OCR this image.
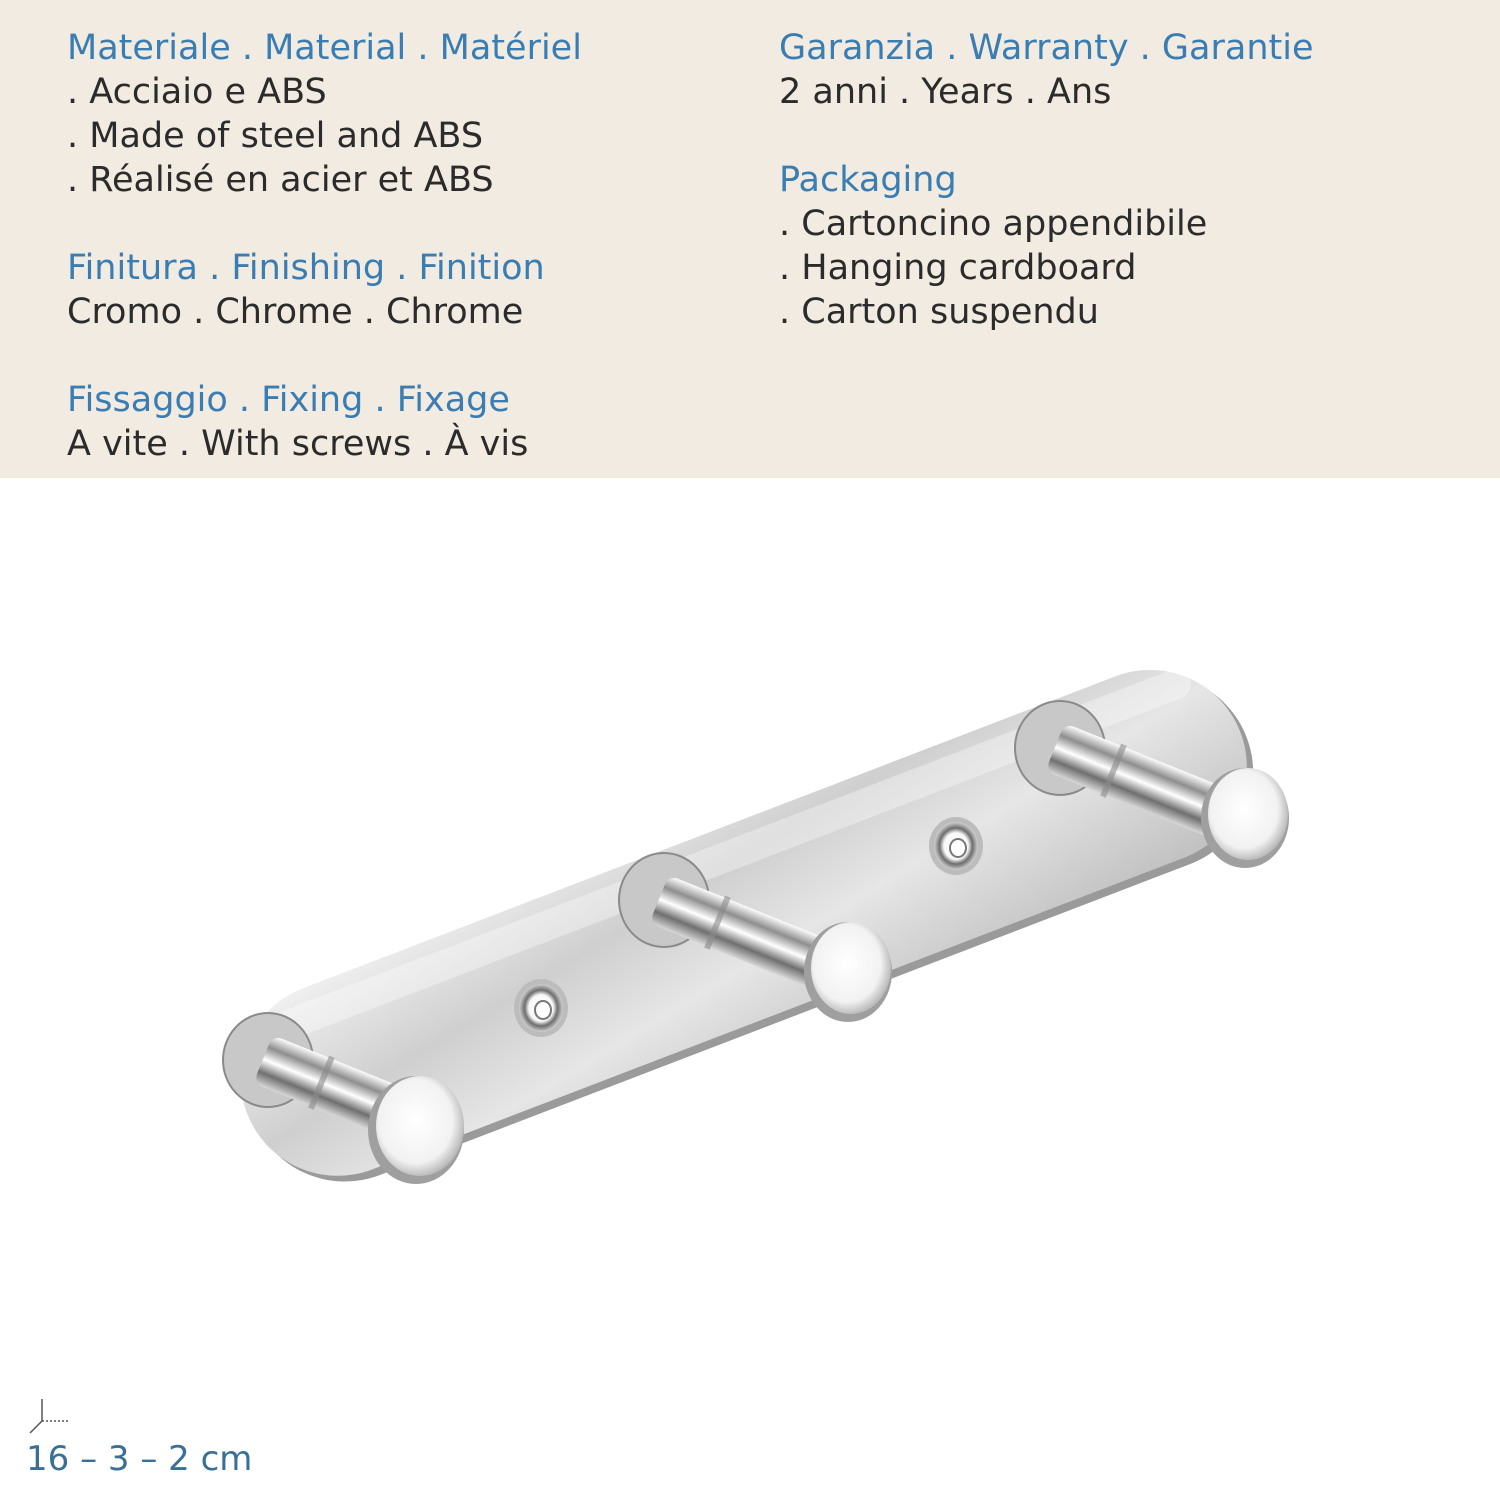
Materiale . Material . Matériel
. Acciaio e ABS
. Made of steel and ABS
. Réalisé en acier et ABS
Finitura . Finishing . Finition
Cromo . Chrome . Chrome
Fissaggio . Fixing . Fixage
A vite . With screws . À vis
Garanzia . Warranty . Garantie
2 anni . Years . Ans
Packaging
. Cartoncino appendibile
. Hanging cardboard
. Carton suspendu
16 – 3 – 2 cm
